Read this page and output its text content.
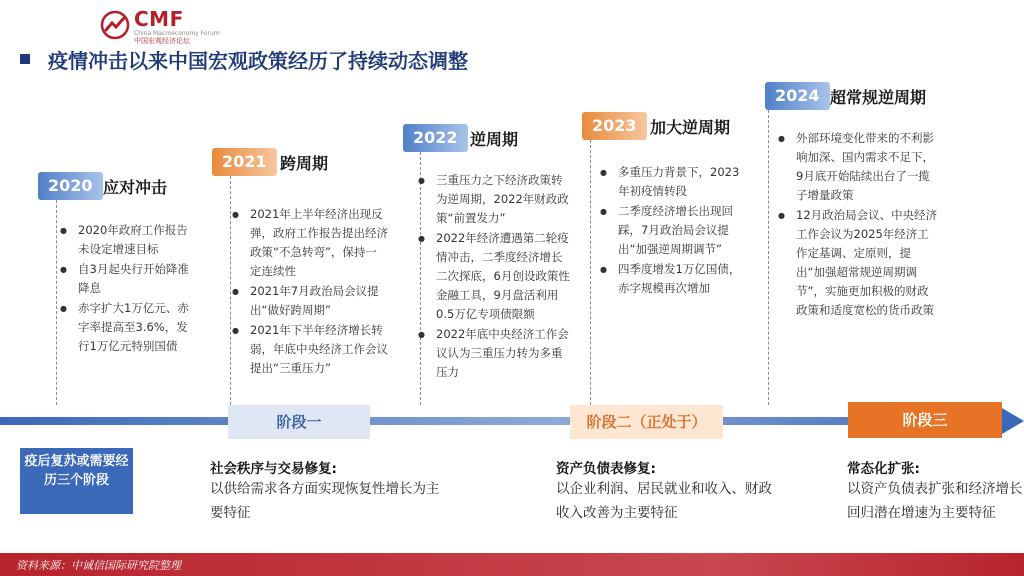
CMF
China Macroeconomy Forum
中国宏观经济论坛
疫情冲击以来中国宏观政策经历了持续动态调整
2020 应对冲击
● 2020年政府工作报告未设定增速目标
● 自3月起央行开始降准降息
● 赤字扩大1万亿元、赤字率提高至3.6%，发行1万亿元特别国债
2021 跨周期
● 2021年上半年经济出现反弹，政府工作报告提出经济政策“不急转弯”，保持一定连续性
● 2021年7月政治局会议提出“做好跨周期”
● 2021年下半年经济增长转弱，年底中央经济工作会议提出“三重压力”
2022 逆周期
● 三重压力之下经济政策转为逆周期，2022年财政政策“前置发力”
● 2022年经济遭遇第二轮疫情冲击，二季度经济增长二次探底，6月创设政策性金融工具，9月盘活利用0.5万亿专项债限额
● 2022年底中央经济工作会议认为三重压力转为多重压力
2023 加大逆周期
● 多重压力背景下，2023年初疫情转段
● 二季度经济增长出现回踩，7月政治局会议提出“加强逆周期调节”
● 四季度增发1万亿国债，赤字规模再次增加
2024 超常规逆周期
● 外部环境变化带来的不利影响加深、国内需求不足下，9月底开始陆续出台了一揽子增量政策
● 12月政治局会议、中央经济工作会议为2025年经济工作定基调、定原则，提出“加强超常规逆周期调节”，实施更加积极的财政政策和适度宽松的货币政策
阶段一	阶段二（正处于）	阶段三
疫后复苏或需要经历三个阶段
社会秩序与交易修复:
以供给需求各方面实现恢复性增长为主要特征
资产负债表修复:
以企业利润、居民就业和收入、财政收入改善为主要特征
常态化扩张:
以资产负债表扩张和经济增长回归潜在增速为主要特征
资料来源：中诚信国际研究院整理
